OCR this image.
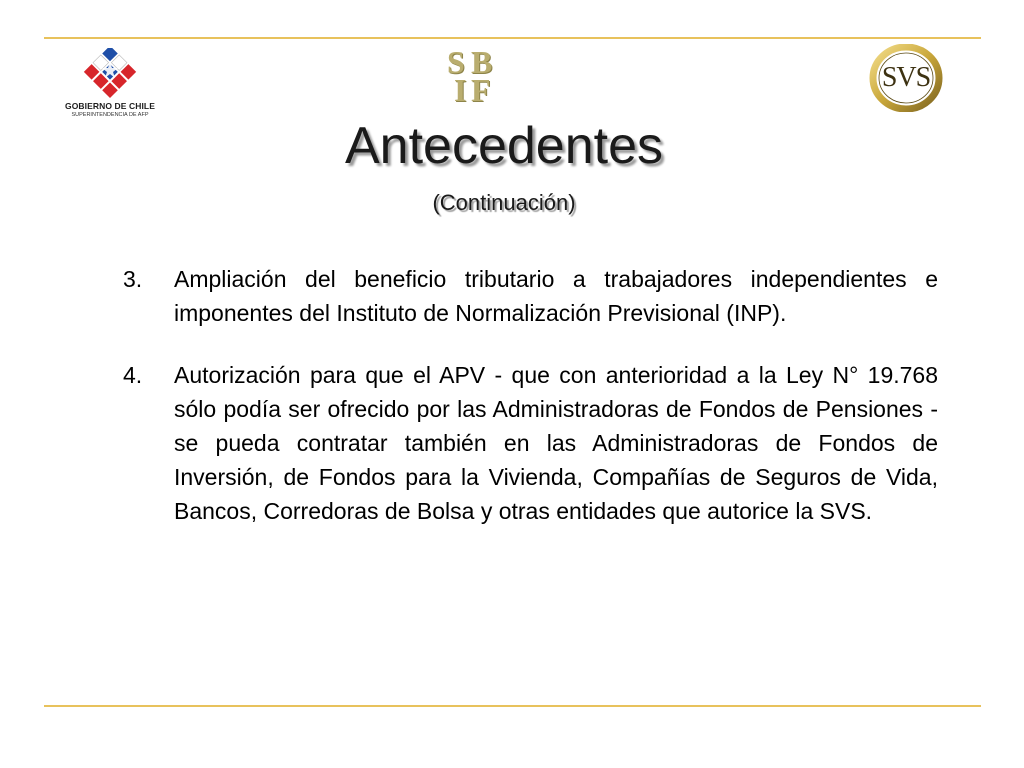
GOBIERNO DE CHILE
SUPERINTENDENCIA DE AFP
S B
I F	SVS
Antecedentes
(Continuación)
3. Ampliación del beneficio tributario a trabajadores independientes e imponentes del Instituto de Normalización Previsional (INP).
4. Autorización para que el APV - que con anterioridad a la Ley N° 19.768 sólo podía ser ofrecido por las Administradoras de Fondos de Pensiones - se pueda contratar también en las Administradoras de Fondos de Inversión, de Fondos para la Vivienda, Compañías de Seguros de Vida, Bancos, Corredoras de Bolsa y otras entidades que autorice la SVS.
